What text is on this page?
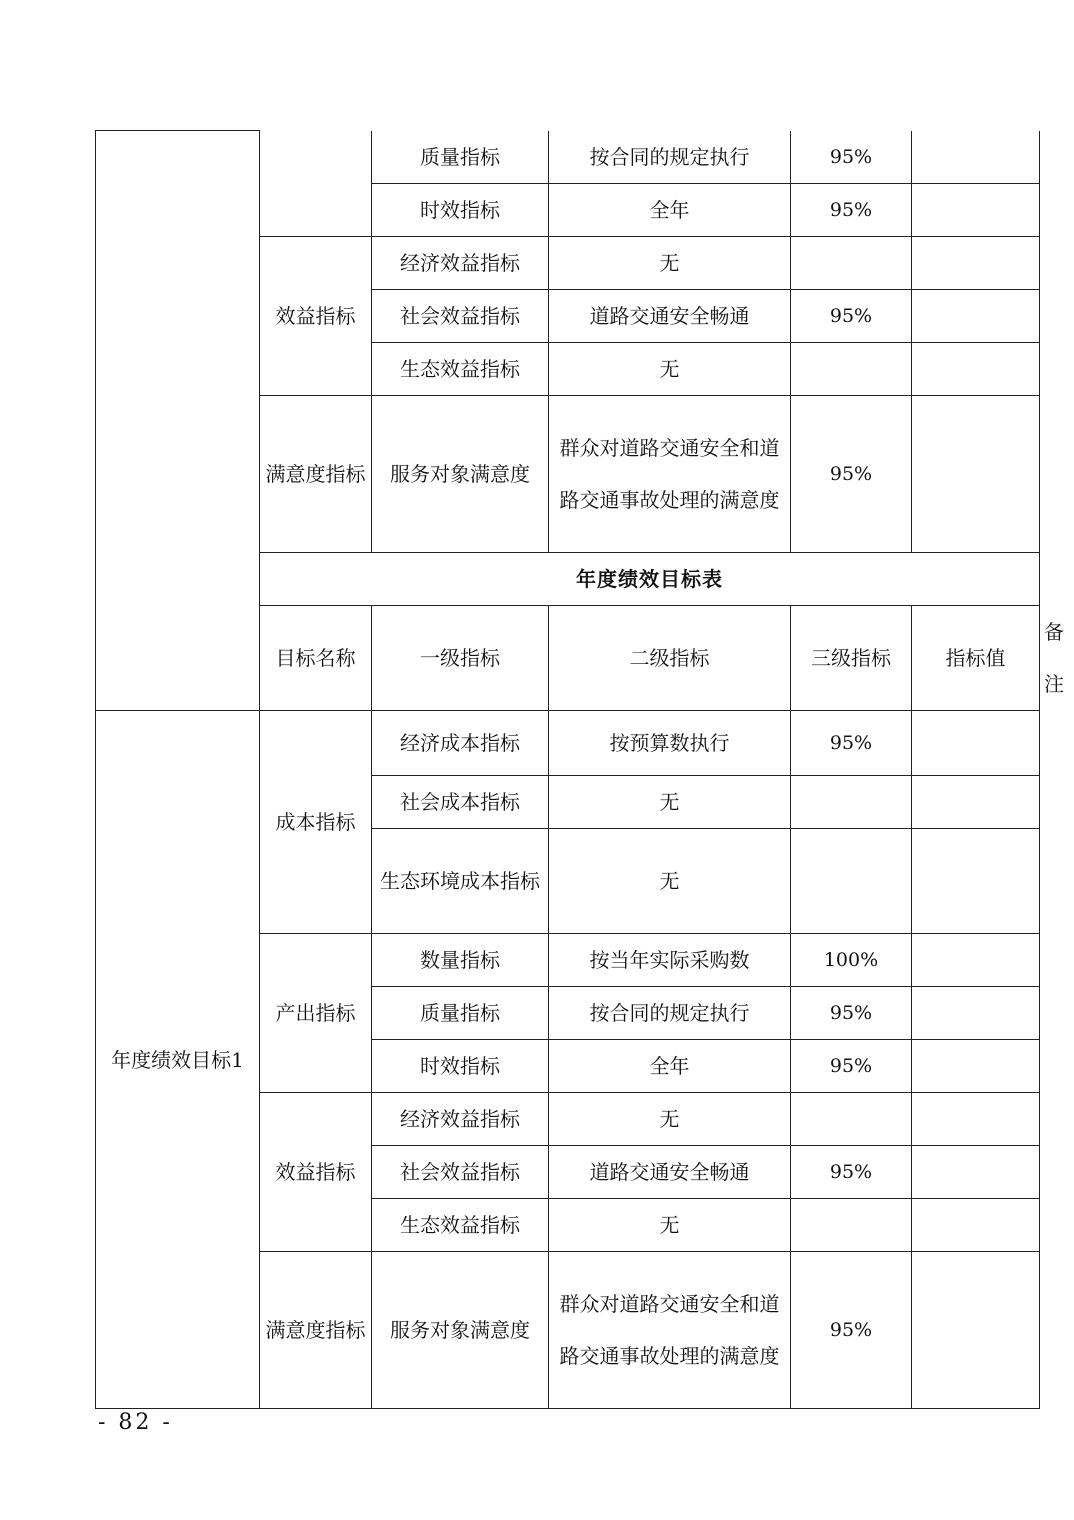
		质量指标	按合同的规定执行	95%		
		时效指标	全年	95%		
	效益指标	经济效益指标	无			
		社会效益指标	道路交通安全畅通	95%		
		生态效益指标	无			
	满意度指标	服务对象满意度	群众对道路交通安全和道路交通事故处理的满意度	95%		
	年度绩效目标表					
	目标名称	一级指标	二级指标	三级指标	指标值	备注
年度绩效目标1	成本指标	经济成本指标	按预算数执行	95%		
		社会成本指标	无			
		生态环境成本指标	无			
	产出指标	数量指标	按当年实际采购数	100%		
		质量指标	按合同的规定执行	95%		
		时效指标	全年	95%		
	效益指标	经济效益指标	无			
		社会效益指标	道路交通安全畅通	95%		
		生态效益指标	无			
	满意度指标	服务对象满意度	群众对道路交通安全和道路交通事故处理的满意度	95%		
- 82 -
